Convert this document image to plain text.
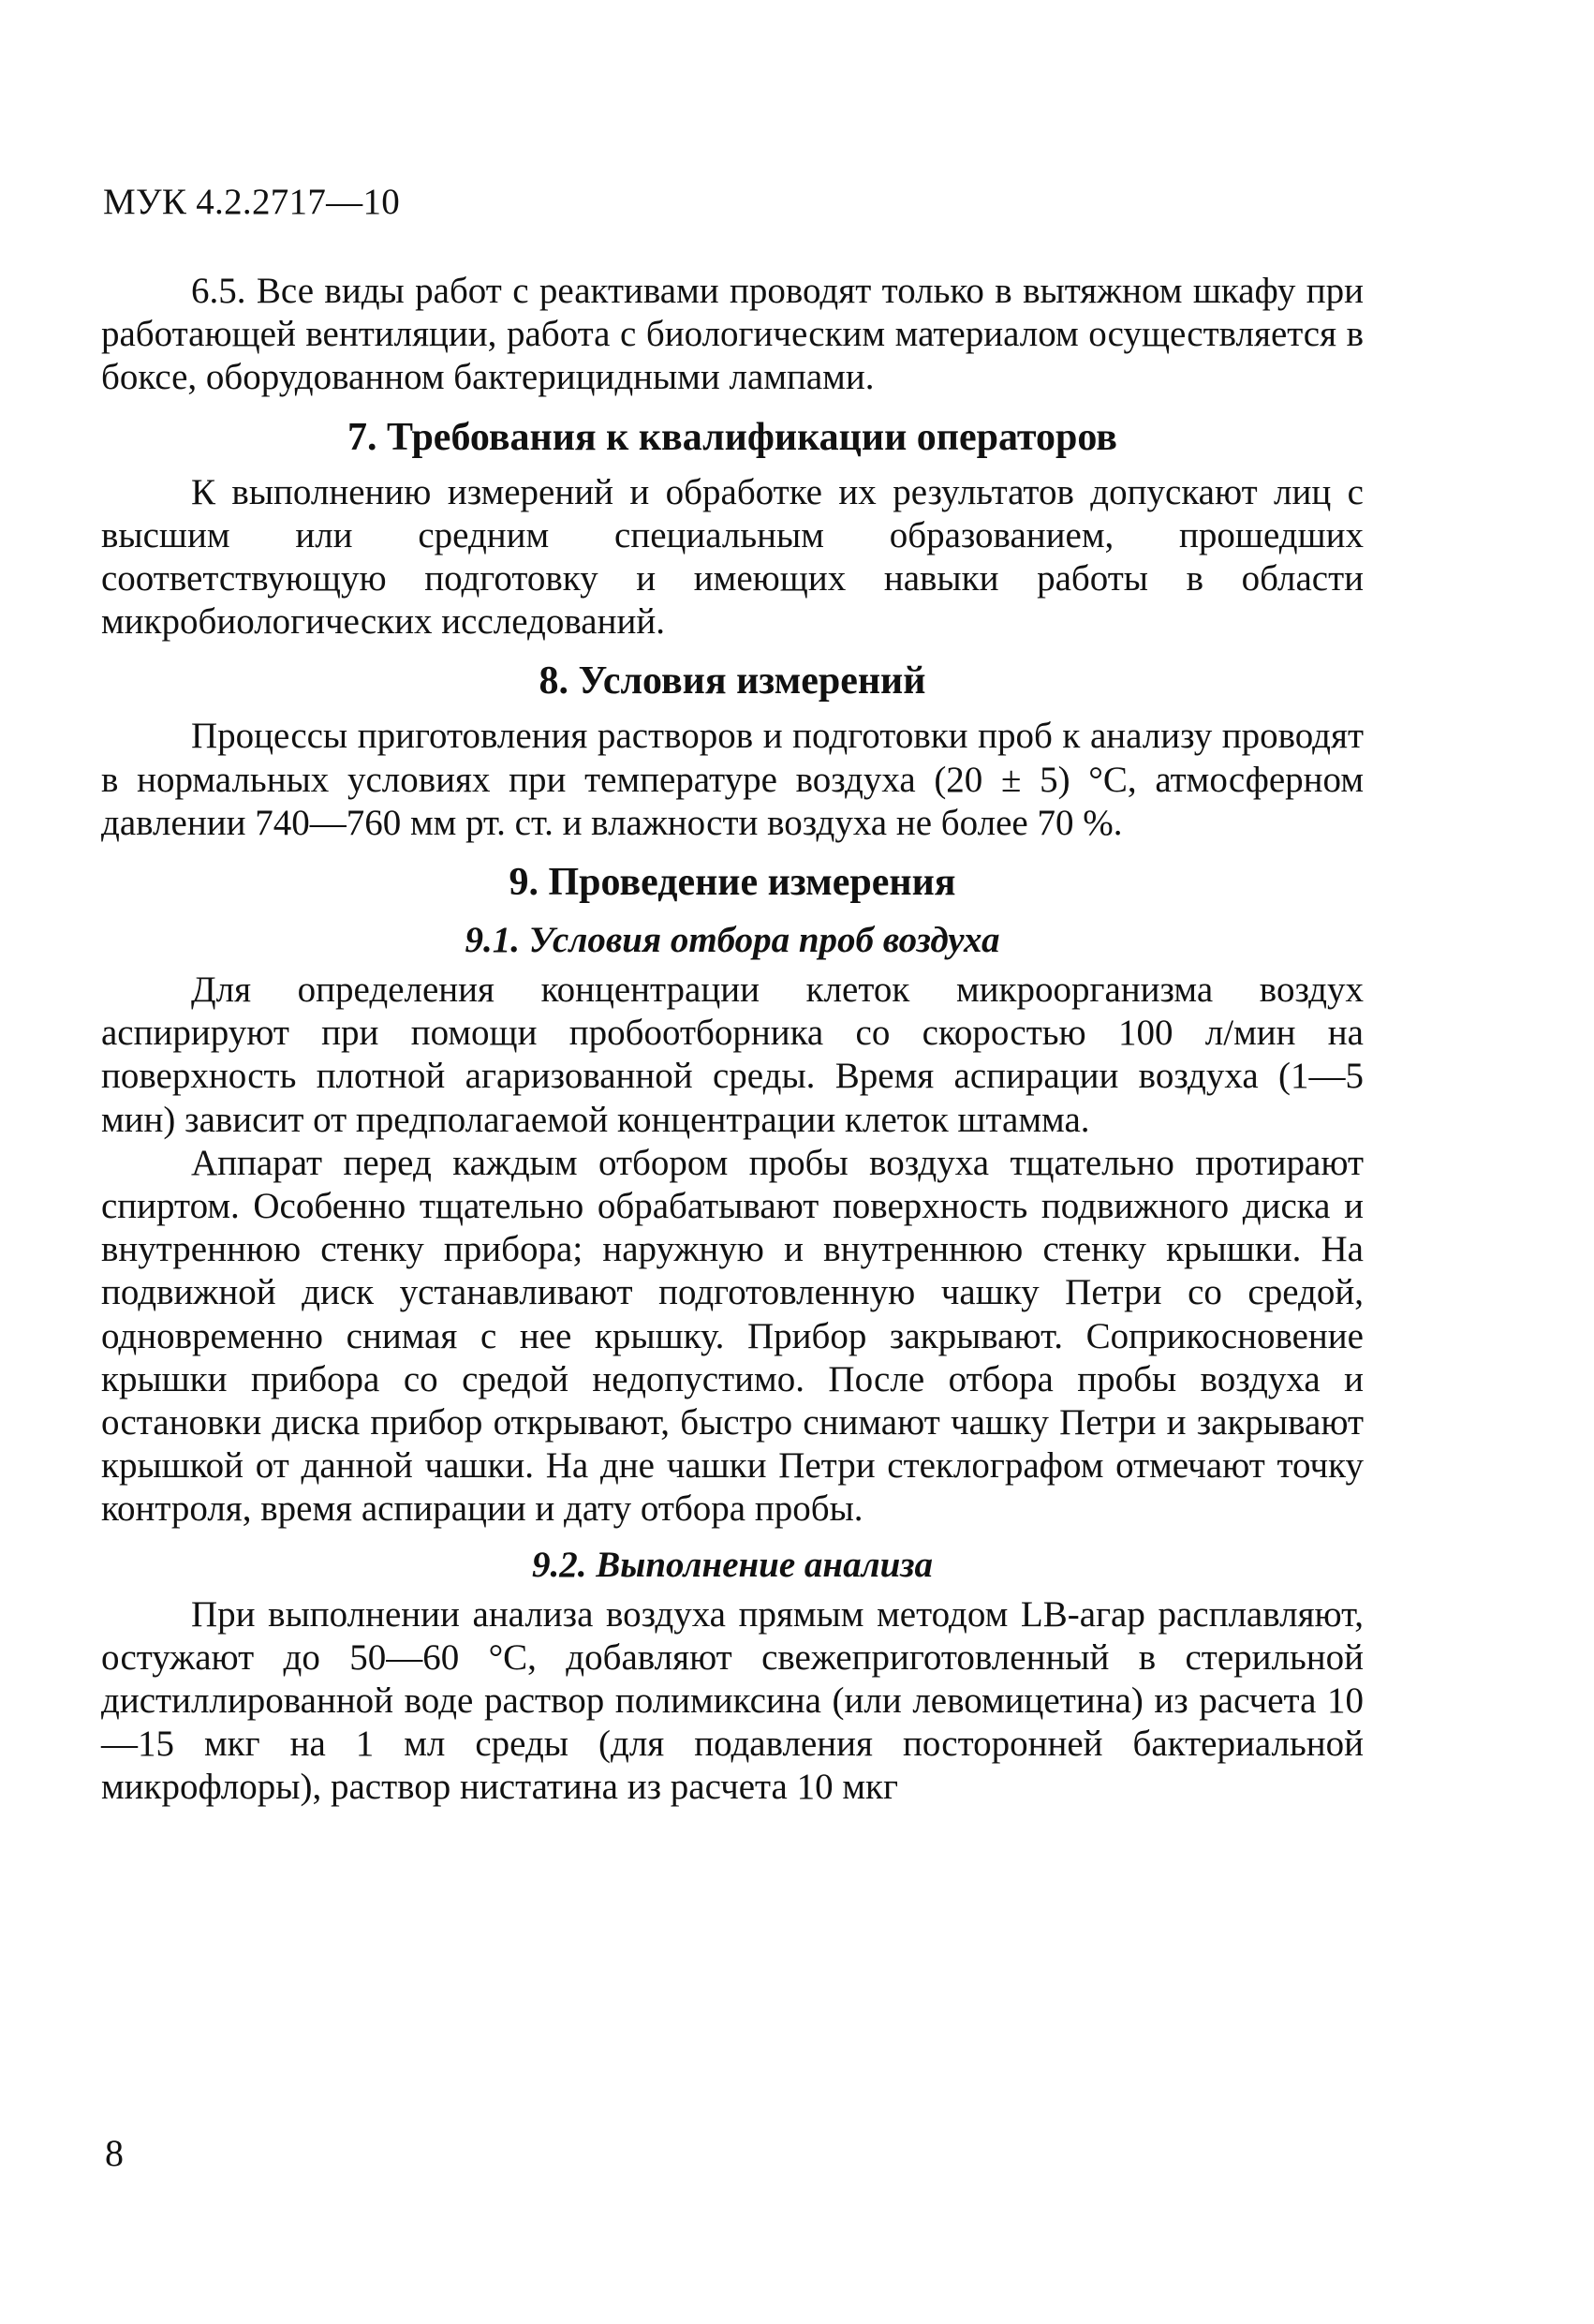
МУК 4.2.2717—10

6.5. Все виды работ с реактивами проводят только в вытяжном шкафу при работающей вентиляции, работа с биологическим материалом осуществляется в боксе, оборудованном бактерицидными лампами.

7. Требования к квалификации операторов

К выполнению измерений и обработке их результатов допускают лиц с высшим или средним специальным образованием, прошедших соответствующую подготовку и имеющих навыки работы в области микробиологических исследований.

8. Условия измерений

Процессы приготовления растворов и подготовки проб к анализу проводят в нормальных условиях при температуре воздуха (20 ± 5) °С, атмосферном давлении 740—760 мм рт. ст. и влажности воздуха не более 70 %.

9. Проведение измерения
9.1. Условия отбора проб воздуха

Для определения концентрации клеток микроорганизма воздух аспирируют при помощи пробоотборника со скоростью 100 л/мин на поверхность плотной агаризованной среды. Время аспирации воздуха (1—5 мин) зависит от предполагаемой концентрации клеток штамма.

Аппарат перед каждым отбором пробы воздуха тщательно протирают спиртом. Особенно тщательно обрабатывают поверхность подвижного диска и внутреннюю стенку прибора; наружную и внутреннюю стенку крышки. На подвижной диск устанавливают подготовленную чашку Петри со средой, одновременно снимая с нее крышку. Прибор закрывают. Соприкосновение крышки прибора со средой недопустимо. После отбора пробы воздуха и остановки диска прибор открывают, быстро снимают чашку Петри и закрывают крышкой от данной чашки. На дне чашки Петри стеклографом отмечают точку контроля, время аспирации и дату отбора пробы.

9.2. Выполнение анализа

При выполнении анализа воздуха прямым методом LB-агар расплавляют, остужают до 50—60 °С, добавляют свежеприготовленный в стерильной дистиллированной воде раствор полимиксина (или левомицетина) из расчета 10—15 мкг на 1 мл среды (для подавления посторонней бактериальной микрофлоры), раствор нистатина из расчета 10 мкг

8
